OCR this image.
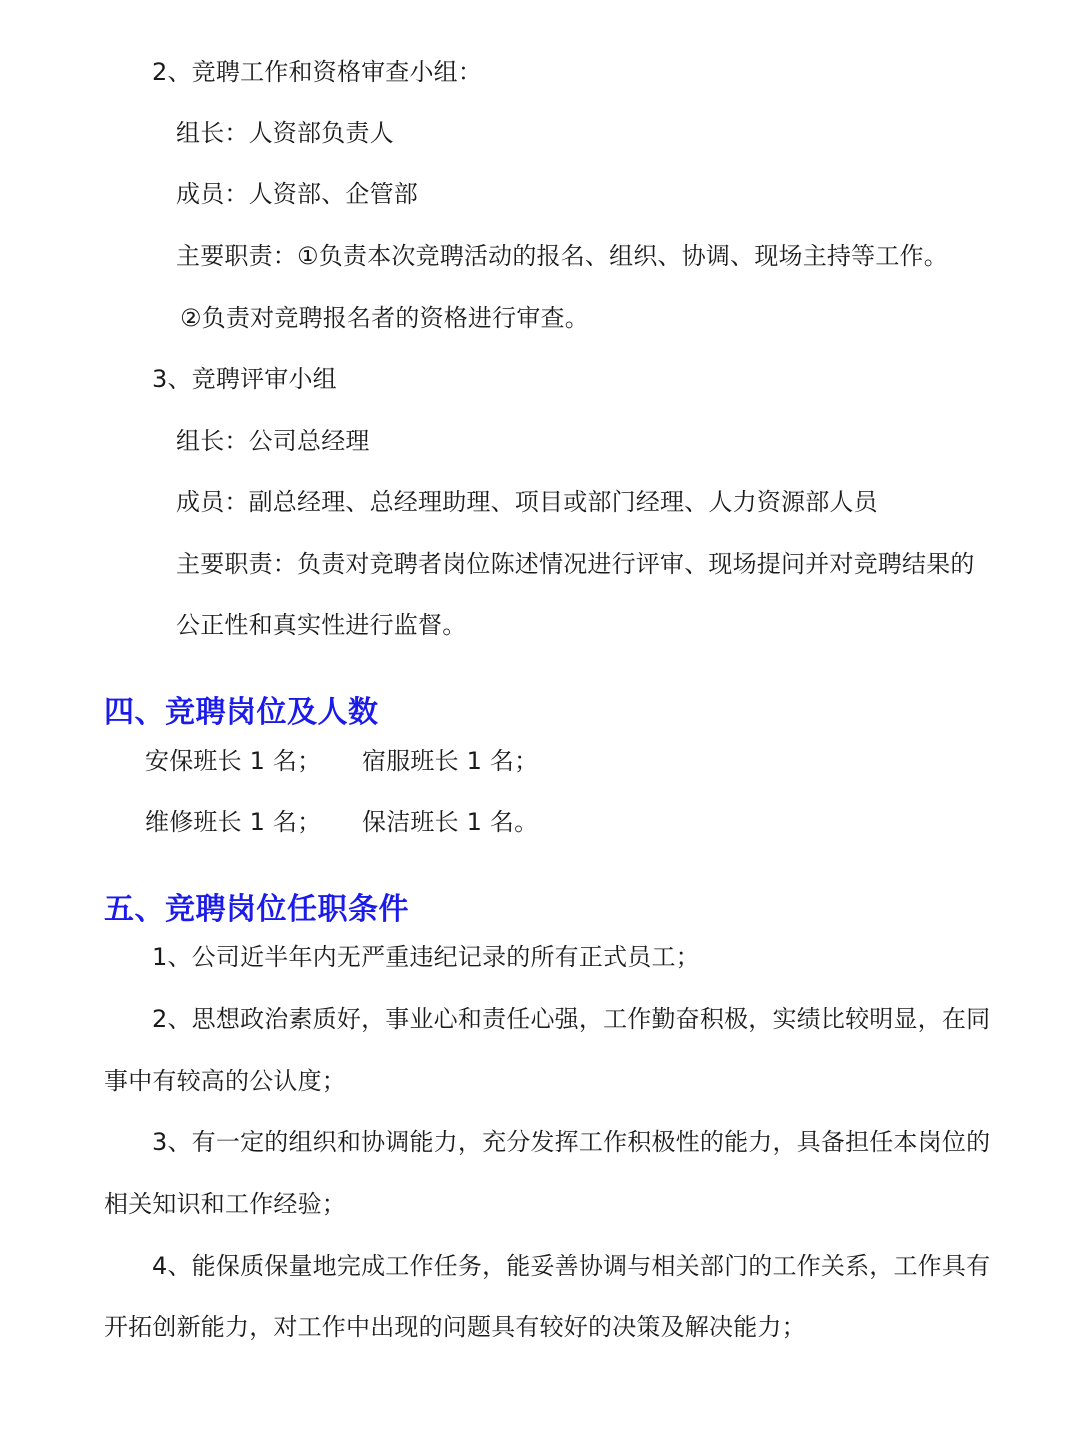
2、竞聘工作和资格审查小组：
组长：人资部负责人
成员：人资部、企管部
主要职责：①负责本次竞聘活动的报名、组织、协调、现场主持等工作。
②负责对竞聘报名者的资格进行审查。
3、竞聘评审小组
组长：公司总经理
成员：副总经理、总经理助理、项目或部门经理、人力资源部人员
主要职责：负责对竞聘者岗位陈述情况进行评审、现场提问并对竞聘结果的
公正性和真实性进行监督。
四、竞聘岗位及人数
安保班长 1 名； 宿服班长 1 名；
维修班长 1 名； 保洁班长 1 名。
五、竞聘岗位任职条件
1、公司近半年内无严重违纪记录的所有正式员工；
2、思想政治素质好，事业心和责任心强，工作勤奋积极，实绩比较明显，在同
事中有较高的公认度；
3、有一定的组织和协调能力，充分发挥工作积极性的能力，具备担任本岗位的
相关知识和工作经验；
4、能保质保量地完成工作任务，能妥善协调与相关部门的工作关系，工作具有
开拓创新能力，对工作中出现的问题具有较好的决策及解决能力；
